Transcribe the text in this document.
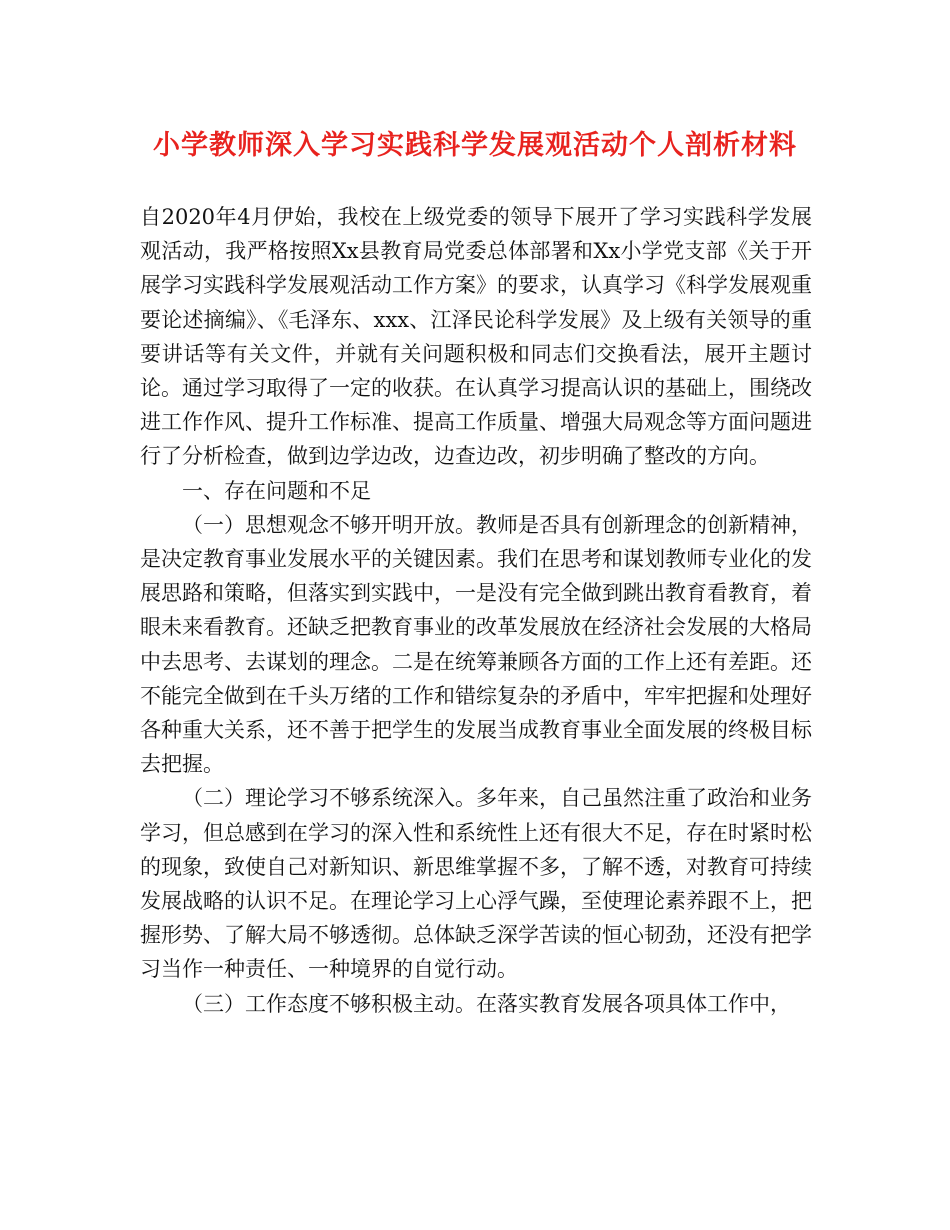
小学教师深入学习实践科学发展观活动个人剖析材料

自2020年4月伊始，我校在上级党委的领导下展开了学习实践科学发展观活动，我严格按照Xx县教育局党委总体部署和Xx小学党支部《关于开展学习实践科学发展观活动工作方案》的要求，认真学习《科学发展观重要论述摘编》、《毛泽东、xxx、江泽民论科学发展》及上级有关领导的重要讲话等有关文件，并就有关问题积极和同志们交换看法，展开主题讨论。通过学习取得了一定的收获。在认真学习提高认识的基础上，围绕改进工作作风、提升工作标准、提高工作质量、增强大局观念等方面问题进行了分析检查，做到边学边改，边查边改，初步明确了整改的方向。

一、存在问题和不足

（一）思想观念不够开明开放。教师是否具有创新理念的创新精神，是决定教育事业发展水平的关键因素。我们在思考和谋划教师专业化的发展思路和策略，但落实到实践中，一是没有完全做到跳出教育看教育，着眼未来看教育。还缺乏把教育事业的改革发展放在经济社会发展的大格局中去思考、去谋划的理念。二是在统筹兼顾各方面的工作上还有差距。还不能完全做到在千头万绪的工作和错综复杂的矛盾中，牢牢把握和处理好各种重大关系，还不善于把学生的发展当成教育事业全面发展的终极目标去把握。

（二）理论学习不够系统深入。多年来，自己虽然注重了政治和业务学习，但总感到在学习的深入性和系统性上还有很大不足，存在时紧时松的现象，致使自己对新知识、新思维掌握不多，了解不透，对教育可持续发展战略的认识不足。在理论学习上心浮气躁，至使理论素养跟不上，把握形势、了解大局不够透彻。总体缺乏深学苦读的恒心韧劲，还没有把学习当作一种责任、一种境界的自觉行动。

（三）工作态度不够积极主动。在落实教育发展各项具体工作中，
